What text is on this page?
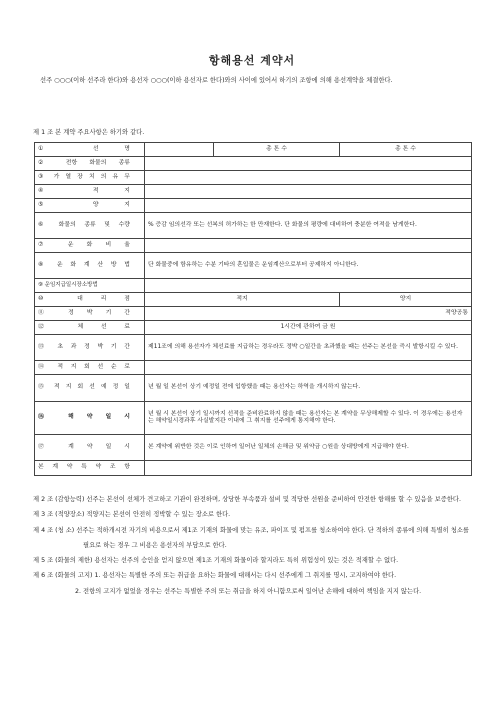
항해용선 계약서
선주 ○○○(이하 선주라 한다)와 용선자 ○○○(이하 용선자로 한다)와의 사이에 있어서 하기의 조항에 의해 용선계약을 체결한다.
제 1 조 본 계약 주요사항은 하기와 같다.
① 선 명		총 톤 수	총 톤 수
② 전항 화물의 종류			
③ 가 열 장 치 의 유 무			
④ 적 지			
⑤ 양 지			
⑥ 화물의 종류 및 수량	% 증감 임의선각 또는 선복의 허가하는 한 만재한다. 단 화물의 평량에 대비하여 충분한 여적을 남게한다.		
⑦ 운 화 비 율			
⑧ 운 화 계 산 방 법	단 화물중에 함유하는 수분 기타의 혼입물은 운임계산으로부터 공제하지 아니한다.		
⑨ 운임지급일시장소방법			
⑩ 대 리 점	적지		양지
⑪ 정 박 기 간	적양공통		
⑫ 체 선 료	1시간에 관하여 금 원		
⑬ 초 과 정 박 기 간	제11조에 의해 용선자가 체선료를 지급하는 경우라도 정박 ○일간을 초과했을 때는 선주는 본선을 즉시 발항시킬 수 있다.		
⑭ 적 지 회 선 순 로			
⑮ 적 지 회 선 예 정 일	년 월 일 본선이 상기 예정일 전에 입항했을 때는 용선자는 하역을 개시하지 않는다.		
⑯ 해 약 일 시	년 월 시 본선이 상기 일시까지 선적을 준비완료하지 않을 때는 용선자는 본 계약을 무상해제할 수 있다. 이 경우에는 용선자는 해약일시경과후 사실발지관 이내에 그 취지를 선주에게 통지해야 한다.		
⑰ 계 약 일 시	본 계약에 위반한 것은 이로 인하여 일어난 일체의 손해금 및 위약금 ○원을 상대방에게 지급해야 한다.		
본 계 약 특 약 조 항			

제 2 조 (감항능력) 선주는 본선이 선체가 견고하고 기관이 완전하며, 상당한 부속품과 설비 및 적당한 선원을 준비하여 안전한 항해를 할 수 있음을 보증한다.

제 3 조 (적양장소) 적양지는 본선이 안전히 정박할 수 있는 장소로 한다.

제 4 조 (청 소) 선주는 적하개시전 자기의 비용으로서 제1조 기재의 화물에 맞는 유조, 파이프 및 펌프를 청소하여야 한다. 단 적하의 종류에 의해 특별히 청소를 필요로 하는 경우 그 비용은 용선자의 부담으로 한다.

제 5 조 (화물의 제한) 용선자는 선주의 승인을 얻지 않으면 제1조 기재의 화물이라 할지라도 특히 위험성이 있는 것은 적재할 수 없다.

제 6 조 (화물의 고지) 1. 용선자는 특별한 주의 또는 취급을 요하는 화물에 대해서는 다시 선주에게 그 취지를 명시, 고지하여야 한다.

2. 전항의 고지가 없었을 경우는 선주는 특별한 주의 또는 취급을 하지 아니함으로써 일어난 손해에 대하여 책임을 지지 않는다.
